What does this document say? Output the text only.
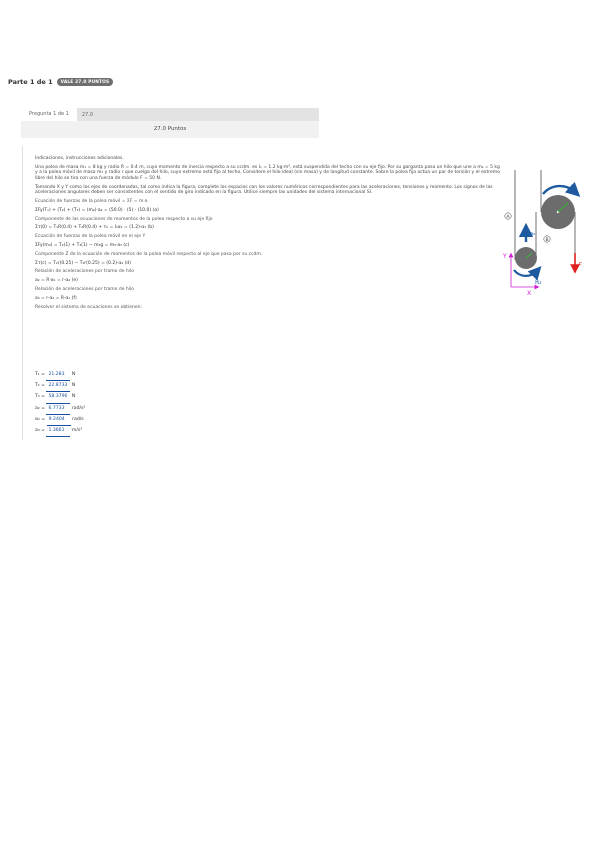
Parte 1 de 1	VALE 27.0 PUNTOS
Pregunta 1 de 1	27.0
27.0 Puntos

Indicaciones, instrucciones adicionales.

Una polea de masa m₁ = 8 kg y radio R = 0.4 m, cuyo momento de inercia respecto a su ccdm. es I₁ = 1.2 kg·m², está suspendida del techo con su eje fijo. Por su garganta pasa un hilo que une a m₂ = 5 kg y a la polea móvil de masa m₃ y radio r que cuelga del hilo, cuyo extremo está fijo al techo. Considere el hilo ideal (sin masa) y de longitud constante. Sobre la polea fija actúa un par de torsión y el extremo libre del hilo se tira con una fuerza de módulo F = 50 N.

Tomando X y Y como los ejes de coordenadas, tal como indica la figura, complete los espacios con los valores numéricos correspondientes para las aceleraciones, tensiones y momento. Los signos de las aceleraciones angulares deben ser consistentes con el sentido de giro indicado en la figura. Utilice siempre las unidades del sistema internacional SI.

Ecuación de fuerzas de la polea móvil = ΣF = m·a

ΣFy(T₁) + (T₂) + (T₃) = (m₂)·a₂ = (50.0) · (5) · (10.0) (a)

Componente de las ecuaciones de momentos de la polea respecto a su eje fijo

Στ(0) = T₁R(0.4) + T₂R(0.4) + τ₀ = I₁α₁ = (1.2)·α₁ (b)

Ecuación de fuerzas de la polea móvil en el eje Y

ΣFy(m₃) = T₂(1) + T₃(1) − m₃g = m₃·a₃ (c)

Componente Z de la ecuación de momentos de la polea móvil respecto al eje que pasa por su ccdm.

Στ(c) = T₂r(0.25) − T₃r(0.25) = (0.2)·α₂ (d)

Relación de aceleraciones por tramo de hilo

a₂ = R·α₁ = r·α₂ (e)

Relación de aceleraciones por tramo de hilo

a₃ = r·α₂ = R·α₁ (f)

Resolver el sistema de ecuaciones se obtienen:

T₁ = 21.283 N
T₂ = 22.8733 N
T₃ = 58.3796 N
a₂ = 6.7733 rad/s²
α₂ = 9.2404 rad/s
a₃ = 1.3661 m/s²
R₁
R₂
a₂
A
B
F
Y
X
